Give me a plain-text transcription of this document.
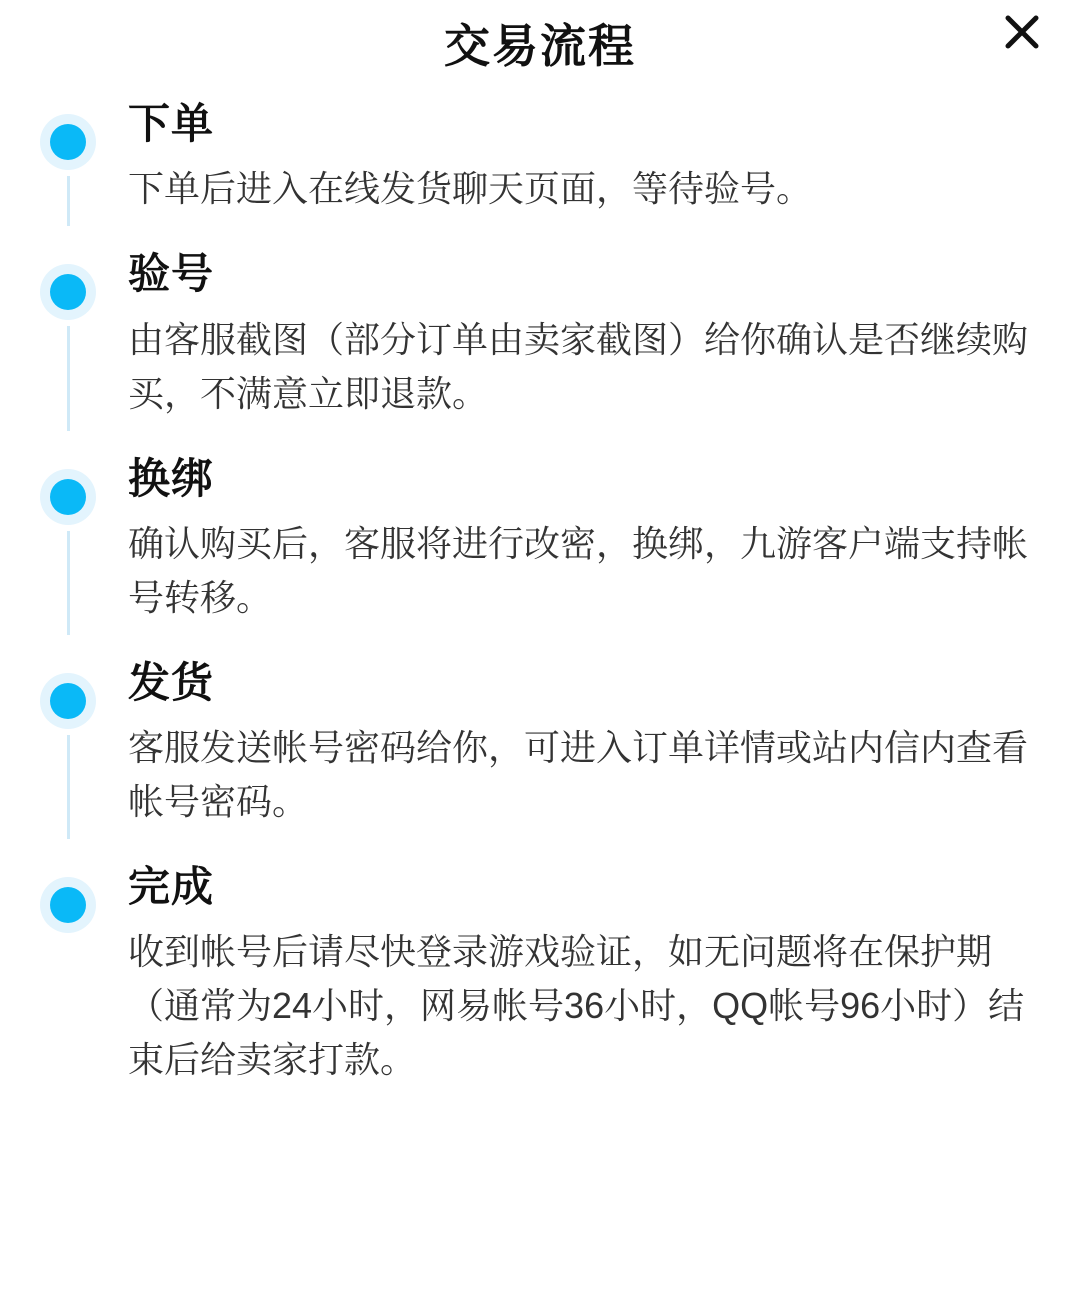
交易流程
下单
下单后进入在线发货聊天页面，等待验号。
验号
由客服截图（部分订单由卖家截图）给你确认是否继续购买，不满意立即退款。
换绑
确认购买后，客服将进行改密，换绑，九游客户端支持帐号转移。
发货
客服发送帐号密码给你，可进入订单详情或站内信内查看帐号密码。
完成
收到帐号后请尽快登录游戏验证，如无问题将在保护期（通常为24小时，网易帐号36小时，QQ帐号96小时）结束后给卖家打款。
